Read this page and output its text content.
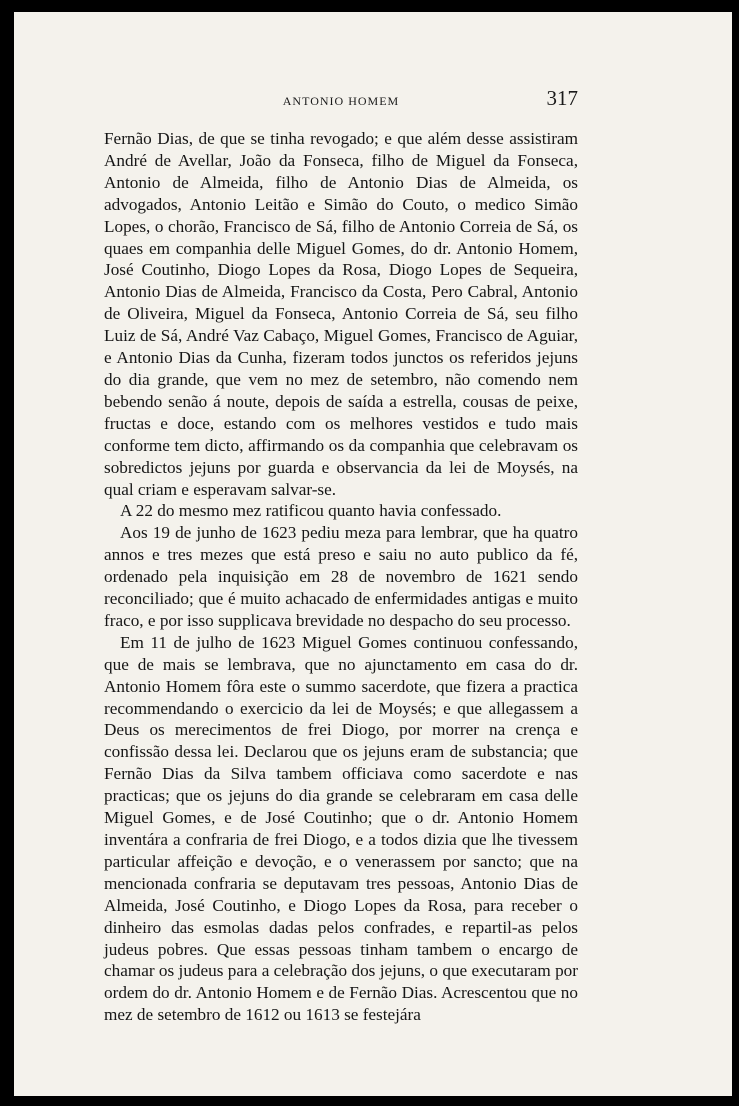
ANTONIO HOMEM	317

Fernão Dias, de que se tinha revogado; e que além desse assistiram André de Avellar, João da Fonseca, filho de Miguel da Fonseca, Antonio de Almeida, filho de Antonio Dias de Almeida, os advogados, Antonio Leitão e Simão do Couto, o medico Simão Lopes, o chorão, Francisco de Sá, filho de Antonio Correia de Sá, os quaes em companhia delle Miguel Gomes, do dr. Antonio Homem, José Coutinho, Diogo Lopes da Rosa, Diogo Lopes de Sequeira, Antonio Dias de Almeida, Francisco da Costa, Pero Cabral, Antonio de Oliveira, Miguel da Fonseca, Antonio Correia de Sá, seu filho Luiz de Sá, André Vaz Cabaço, Miguel Gomes, Francisco de Aguiar, e Antonio Dias da Cunha, fizeram todos junctos os referidos jejuns do dia grande, que vem no mez de setembro, não comendo nem bebendo senão á noute, depois de saída a estrella, cousas de peixe, fructas e doce, estando com os melhores vestidos e tudo mais conforme tem dicto, affirmando os da companhia que celebravam os sobredictos jejuns por guarda e observancia da lei de Moysés, na qual criam e esperavam salvar-se.

A 22 do mesmo mez ratificou quanto havia confessado.

Aos 19 de junho de 1623 pediu meza para lembrar, que ha quatro annos e tres mezes que está preso e saiu no auto publico da fé, ordenado pela inquisição em 28 de novembro de 1621 sendo reconciliado; que é muito achacado de enfermidades antigas e muito fraco, e por isso supplicava brevidade no despacho do seu processo.

Em 11 de julho de 1623 Miguel Gomes continuou confessando, que de mais se lembrava, que no ajunctamento em casa do dr. Antonio Homem fôra este o summo sacerdote, que fizera a practica recommendando o exercicio da lei de Moysés; e que allegassem a Deus os merecimentos de frei Diogo, por morrer na crença e confissão dessa lei. Declarou que os jejuns eram de substancia; que Fernão Dias da Silva tambem officiava como sacerdote e nas practicas; que os jejuns do dia grande se celebraram em casa delle Miguel Gomes, e de José Coutinho; que o dr. Antonio Homem inventára a confraria de frei Diogo, e a todos dizia que lhe tivessem particular affeição e devoção, e o venerassem por sancto; que na mencionada confraria se deputavam tres pessoas, Antonio Dias de Almeida, José Coutinho, e Diogo Lopes da Rosa, para receber o dinheiro das esmolas dadas pelos confrades, e repartil-as pelos judeus pobres. Que essas pessoas tinham tambem o encargo de chamar os judeus para a celebração dos jejuns, o que executaram por ordem do dr. Antonio Homem e de Fernão Dias. Acrescentou que no mez de setembro de 1612 ou 1613 se festejára
